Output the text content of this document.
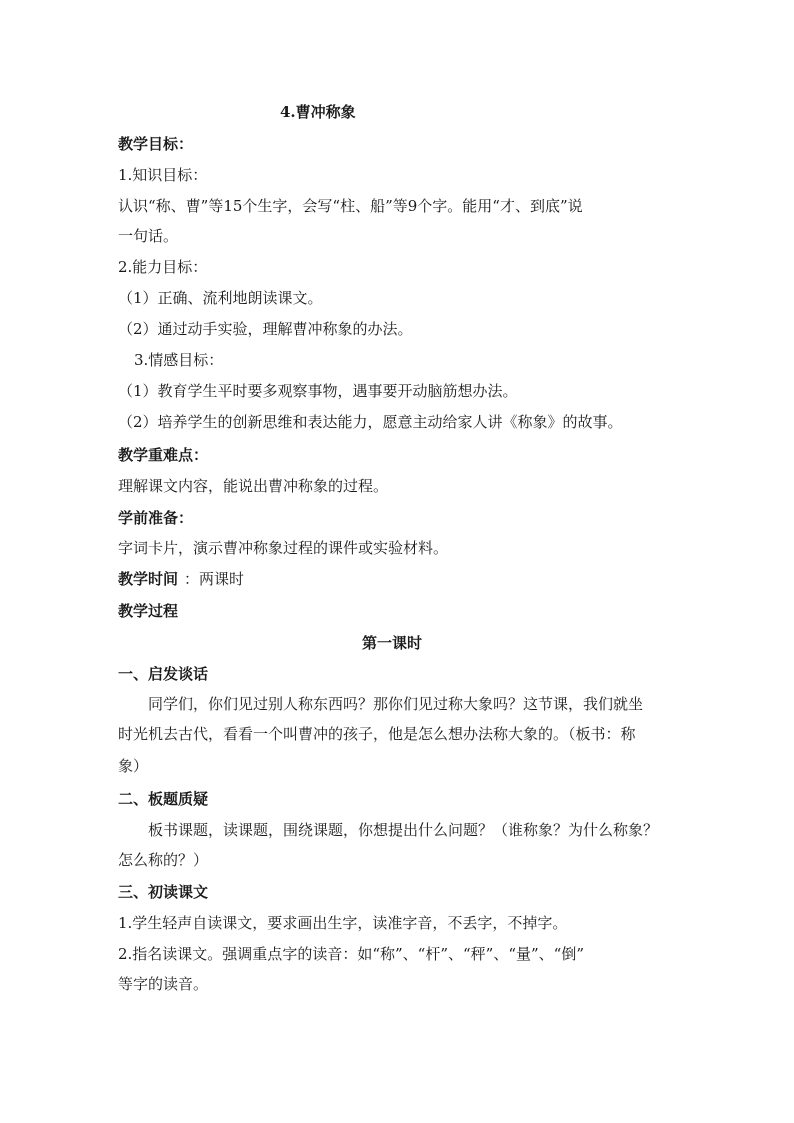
4.曹冲称象
教学目标：
1.知识目标：
认识“称、曹”等15个生字，会写“柱、船”等9个字。能用“才、到底”说
一句话。
2.能力目标：
（1）正确、流利地朗读课文。
（2）通过动手实验，理解曹冲称象的办法。
3.情感目标：
（1）教育学生平时要多观察事物，遇事要开动脑筋想办法。
（2）培养学生的创新思维和表达能力，愿意主动给家人讲《称象》的故事。
教学重难点：
理解课文内容，能说出曹冲称象的过程。
学前准备：
字词卡片，演示曹冲称象过程的课件或实验材料。
教学时间 ：两课时
教学过程
第一课时
一、启发谈话
同学们，你们见过别人称东西吗？那你们见过称大象吗？这节课，我们就坐
时光机去古代，看看一个叫曹冲的孩子，他是怎么想办法称大象的。（板书：称
象）
二、板题质疑
板书课题，读课题，围绕课题，你想提出什么问题？（谁称象？为什么称象？
怎么称的？）
三、初读课文
1.学生轻声自读课文，要求画出生字，读准字音，不丢字，不掉字。
2.指名读课文。强调重点字的读音：如“称”、“杆”、“秤”、“量”、“倒”
等字的读音。
